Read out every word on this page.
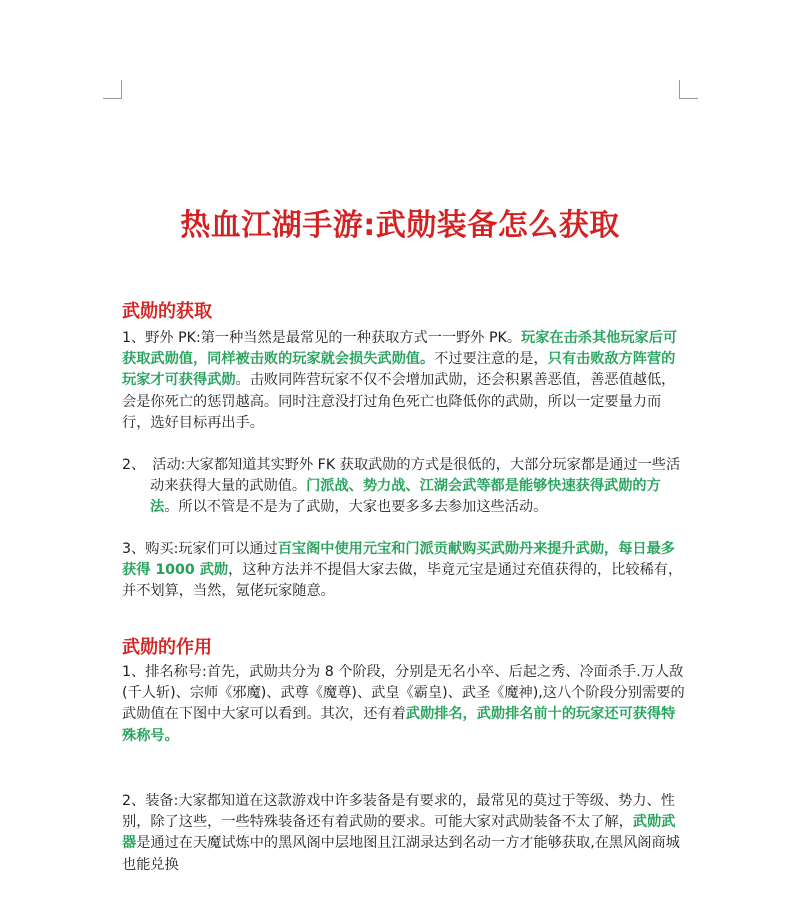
热血江湖手游:武勋装备怎么获取
武勋的获取
1、野外 PK:第一种当然是最常见的一种获取方式一一野外 PK。玩家在击杀其他玩家后可获取武勋值，同样被击败的玩家就会损失武勋值。不过要注意的是，只有击败敌方阵营的玩家才可获得武勋。击败同阵营玩家不仅不会增加武勋，还会积累善恶值，善恶值越低，会是你死亡的惩罚越高。同时注意没打过角色死亡也降低你的武勋，所以一定要量力而行，选好目标再出手。
2、　活动:大家都知道其实野外 FK 获取武勋的方式是很低的，大部分玩家都是通过一些活动来获得大量的武勋值。门派战、势力战、江湖会武等都是能够快速获得武勋的方法。所以不管是不是为了武勋，大家也要多多去参加这些活动。
3、购买:玩家们可以通过百宝阁中使用元宝和门派贡献购买武勋丹来提升武勋，每日最多获得 1000 武勋，这种方法并不提倡大家去做，毕竟元宝是通过充值获得的，比较稀有，并不划算，当然，氪佬玩家随意。
武勋的作用
1、排名称号:首先，武勋共分为 8 个阶段，分别是无名小卒、后起之秀、冷面杀手.万人敌(千人斩)、宗师《邪魔)、武尊《魔尊)、武皇《霸皇)、武圣《魔神),这八个阶段分别需要的武勋值在下图中大家可以看到。其次，还有着武勋排名，武勋排名前十的玩家还可获得特殊称号。
2、装备:大家都知道在这款游戏中许多装备是有要求的，最常见的莫过于等级、势力、性别，除了这些，一些特殊装备还有着武勋的要求。可能大家对武勋装备不太了解，武勋武器是通过在天魔试炼中的黑风阁中层地图且江湖录达到名动一方才能够获取,在黑风阁商城也能兑换
